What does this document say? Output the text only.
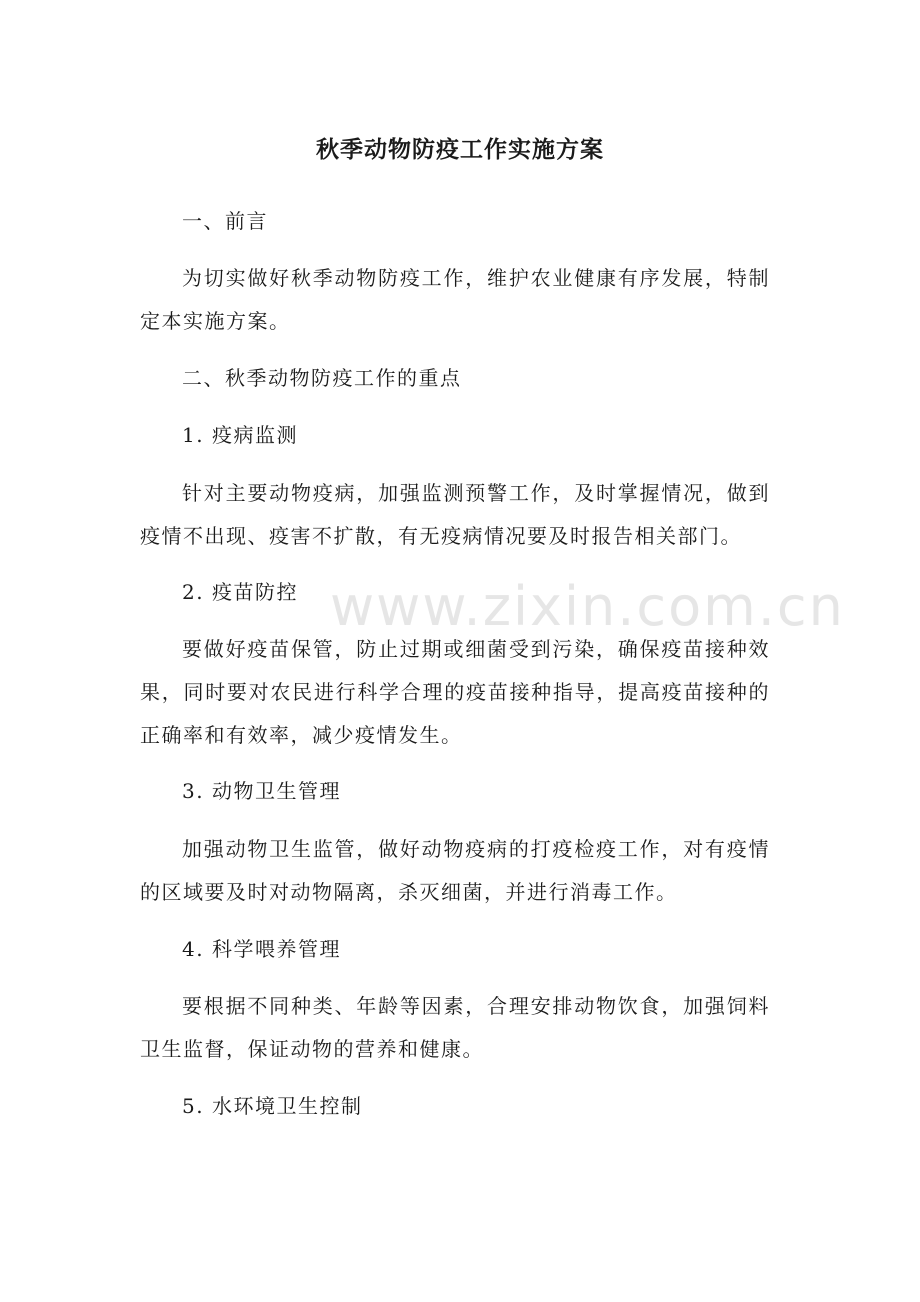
www.zixin.com.cn
秋季动物防疫工作实施方案

一、前言

为切实做好秋季动物防疫工作，维护农业健康有序发展，特制定本实施方案。

二、秋季动物防疫工作的重点

1. 疫病监测

针对主要动物疫病，加强监测预警工作，及时掌握情况，做到疫情不出现、疫害不扩散，有无疫病情况要及时报告相关部门。

2. 疫苗防控

要做好疫苗保管，防止过期或细菌受到污染，确保疫苗接种效果，同时要对农民进行科学合理的疫苗接种指导，提高疫苗接种的正确率和有效率，减少疫情发生。

3. 动物卫生管理

加强动物卫生监管，做好动物疫病的打疫检疫工作，对有疫情的区域要及时对动物隔离，杀灭细菌，并进行消毒工作。

4. 科学喂养管理

要根据不同种类、年龄等因素，合理安排动物饮食，加强饲料卫生监督，保证动物的营养和健康。

5. 水环境卫生控制
